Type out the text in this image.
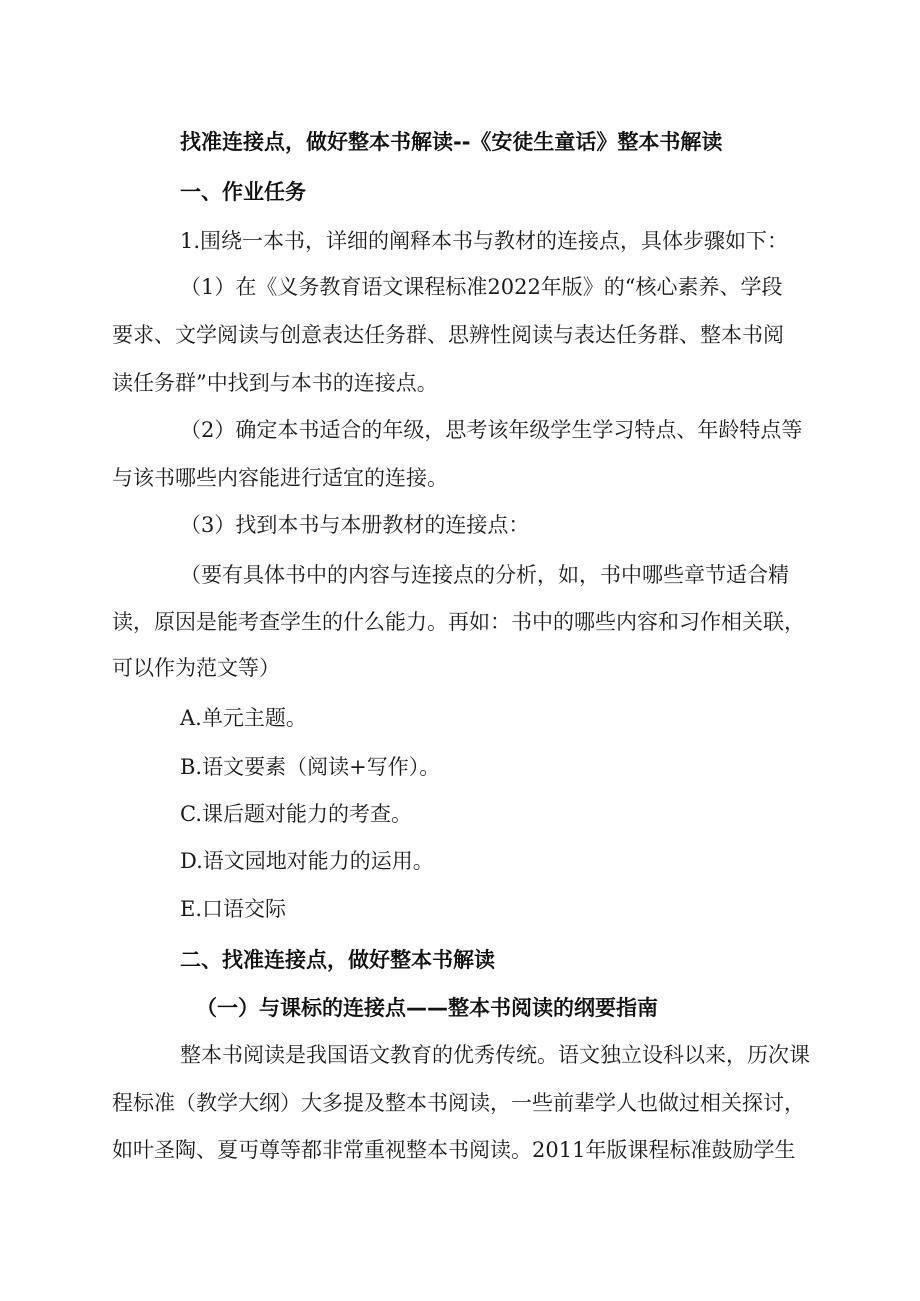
找准连接点，做好整本书解读--《安徒生童话》整本书解读
一、作业任务
1.围绕一本书，详细的阐释本书与教材的连接点，具体步骤如下：
（1）在《义务教育语文课程标准2022年版》的“核心素养、学段
要求、文学阅读与创意表达任务群、思辨性阅读与表达任务群、整本书阅
读任务群”中找到与本书的连接点。
（2）确定本书适合的年级，思考该年级学生学习特点、年龄特点等
与该书哪些内容能进行适宜的连接。
（3）找到本书与本册教材的连接点：
（要有具体书中的内容与连接点的分析，如，书中哪些章节适合精
读，原因是能考查学生的什么能力。再如：书中的哪些内容和习作相关联，
可以作为范文等）
A.单元主题。
B.语文要素（阅读+写作）。
C.课后题对能力的考查。
D.语文园地对能力的运用。
E.口语交际
二、找准连接点，做好整本书解读
（一）与课标的连接点——整本书阅读的纲要指南
整本书阅读是我国语文教育的优秀传统。语文独立设科以来，历次课
程标准（教学大纲）大多提及整本书阅读，一些前辈学人也做过相关探讨，
如叶圣陶、夏丏尊等都非常重视整本书阅读。2011年版课程标准鼓励学生
